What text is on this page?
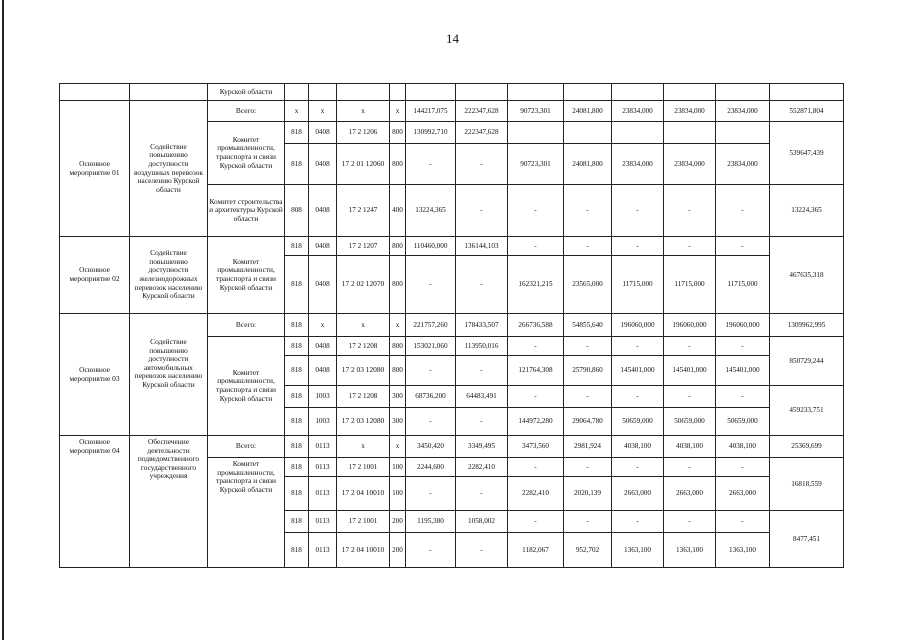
14
		Курской области												
Основное мероприятие 01	Содействие повышению доступности воздушных перевозок населению Курской области	Всего:	x	x	x	x	144217,075	222347,628	90723,301	24081,800	23834,000	23834,000	23834,000	552871,804
		Комитет промышленности, транспорта и связи Курской области	818	0408	17 2 1206	800	130992,710	222347,628						539647,439
			818	0408	17 2 01 12060	800	-	-	90723,301	24081,800	23834,000	23834,000	23834,000	
		Комитет строительства и архитектуры Курской области	808	0408	17 2 1247	400	13224,365	-	-	-	-	-	-	13224,365
Основное мероприятие 02	Содействие повышению доступности железнодорожных перевозок населению Курской области	Комитет промышленности, транспорта и связи Курской области	818	0408	17 2 1207	800	110460,000	136144,103	-	-	-	-	-	467635,318
			818	0408	17 2 02 12070	800	-	-	162321,215	23565,000	11715,000	11715,000	11715,000	
Основное мероприятие 03	Содействие повышению доступности автомобильных перевозок населению Курской области	Всего:	818	x	x	x	221757,260	178433,507	266736,588	54855,640	196060,000	196060,000	196060,000	1309962,995
		Комитет промышленности, транспорта и связи Курской области	818	0408	17 2 1208	800	153021,060	113950,016	-	-	-	-	-	850729,244
			818	0408	17 2 03 12080	800	-	-	121764,308	25790,860	145401,000	145401,000	145401,000	
			818	1003	17 2 1208	300	68736,200	64483,491	-	-	-	-	-	459233,751
			818	1003	17 2 03 12080	300	-	-	144972,280	29064,780	50659,000	50659,000	50659,000	
Основное мероприятие 04	Обеспечение деятельности подведомственного государственного учреждения	Всего:	818	0113	x	x	3450,420	3349,495	3473,560	2981,924	4038,100	4038,100	4038,100	25369,699
		Комитет промышленности, транспорта и связи Курской области	818	0113	17 2 1001	100	2244,600	2282,410	-	-	-	-	-	16818,559
			818	0113	17 2 04 10010	100	-	-	2282,410	2020,139	2663,000	2663,000	2663,000	
			818	0113	17 2 1001	200	1195,380	1058,002	-	-	-	-	-	8477,451
			818	0113	17 2 04 10010	200	-	-	1182,067	952,702	1363,100	1363,100	1363,100	
